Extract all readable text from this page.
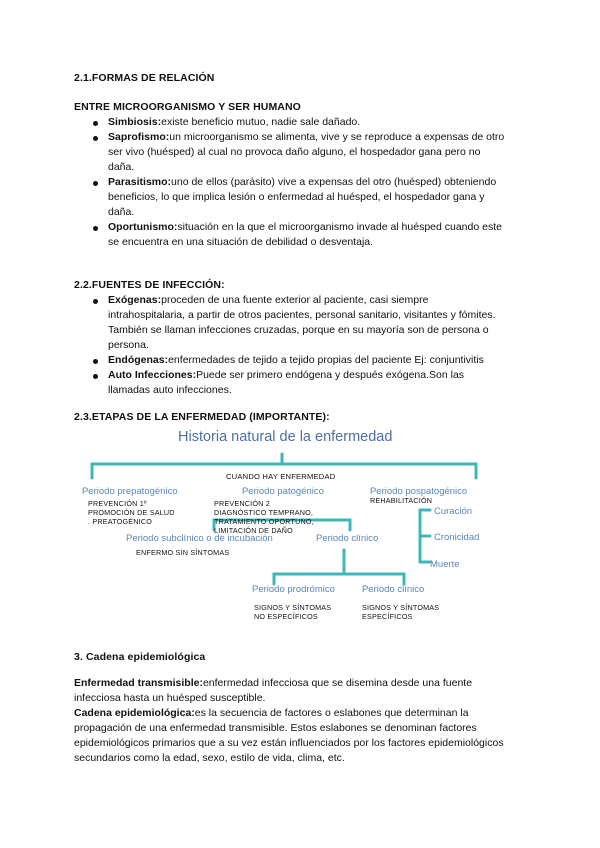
2.1.FORMAS DE RELACIÓN
ENTRE MICROORGANISMO Y SER HUMANO
Simbiosis:existe beneficio mutuo, nadie sale dañado.
Saprofismo:un microorganismo se alimenta, vive y se reproduce a expensas de otro
ser vivo (huésped) al cual no provoca daño alguno, el hospedador gana pero no
daña.
Parasitismo:uno de ellos (parásito) vive a expensas del otro (huésped) obteniendo
beneficios, lo que implica lesión o enfermedad al huésped, el hospedador gana y
daña.
Oportunismo:situación en la que el microorganismo invade al huésped cuando este
se encuentra en una situación de debilidad o desventaja.
2.2.FUENTES DE INFECCIÓN:
Exógenas:proceden de una fuente exterior al paciente, casi siempre
intrahospitalaria, a partir de otros pacientes, personal sanitario, visitantes y fómites.
También se llaman infecciones cruzadas, porque en su mayoría son de persona o
persona.
Endógenas:enfermedades de tejido a tejido propias del paciente Ej: conjuntivitis
Auto Infecciones:Puede ser primero endógena y después exógena.Son las
llamadas auto infecciones.
2.3.ETAPAS DE LA ENFERMEDAD (IMPORTANTE):
Historia natural de la enfermedad
CUANDO HAY ENFERMEDAD
Periodo prepatogénico	Periodo patogénico	Periodo pospatogénico
PREVENCIÓN 1º
PROMOCIÓN DE SALUD
. PREATOGÉNICO
PREVENCIÓN 2
DIAGNÓSTICO TEMPRANO,
TRATAMIENTO OPORTUNO,
LIMITACIÓN DE DAÑO
REHABILITACIÓN
Curación
Cronicidad
Muerte
Periodo subclínico o de incubación	Periodo clínico
ENFERMO SIN SÍNTOMAS
Periodo prodrómico	Periodo clínico
SIGNOS Y SÍNTOMAS
NO ESPECÍFICOS
SIGNOS Y SÍNTOMAS
ESPECÍFICOS
3. Cadena epidemiológica
Enfermedad transmisible:enfermedad infecciosa que se disemina desde una fuente
infecciosa hasta un huésped susceptible.
Cadena epidemiológica:es la secuencia de factores o eslabones que determinan la
propagación de una enfermedad transmisible. Estos eslabones se denominan factores
epidemiológicos primarios que a su vez están influenciados por los factores epidemiológicos
secundarios como la edad, sexo, estilo de vida, clima, etc.
